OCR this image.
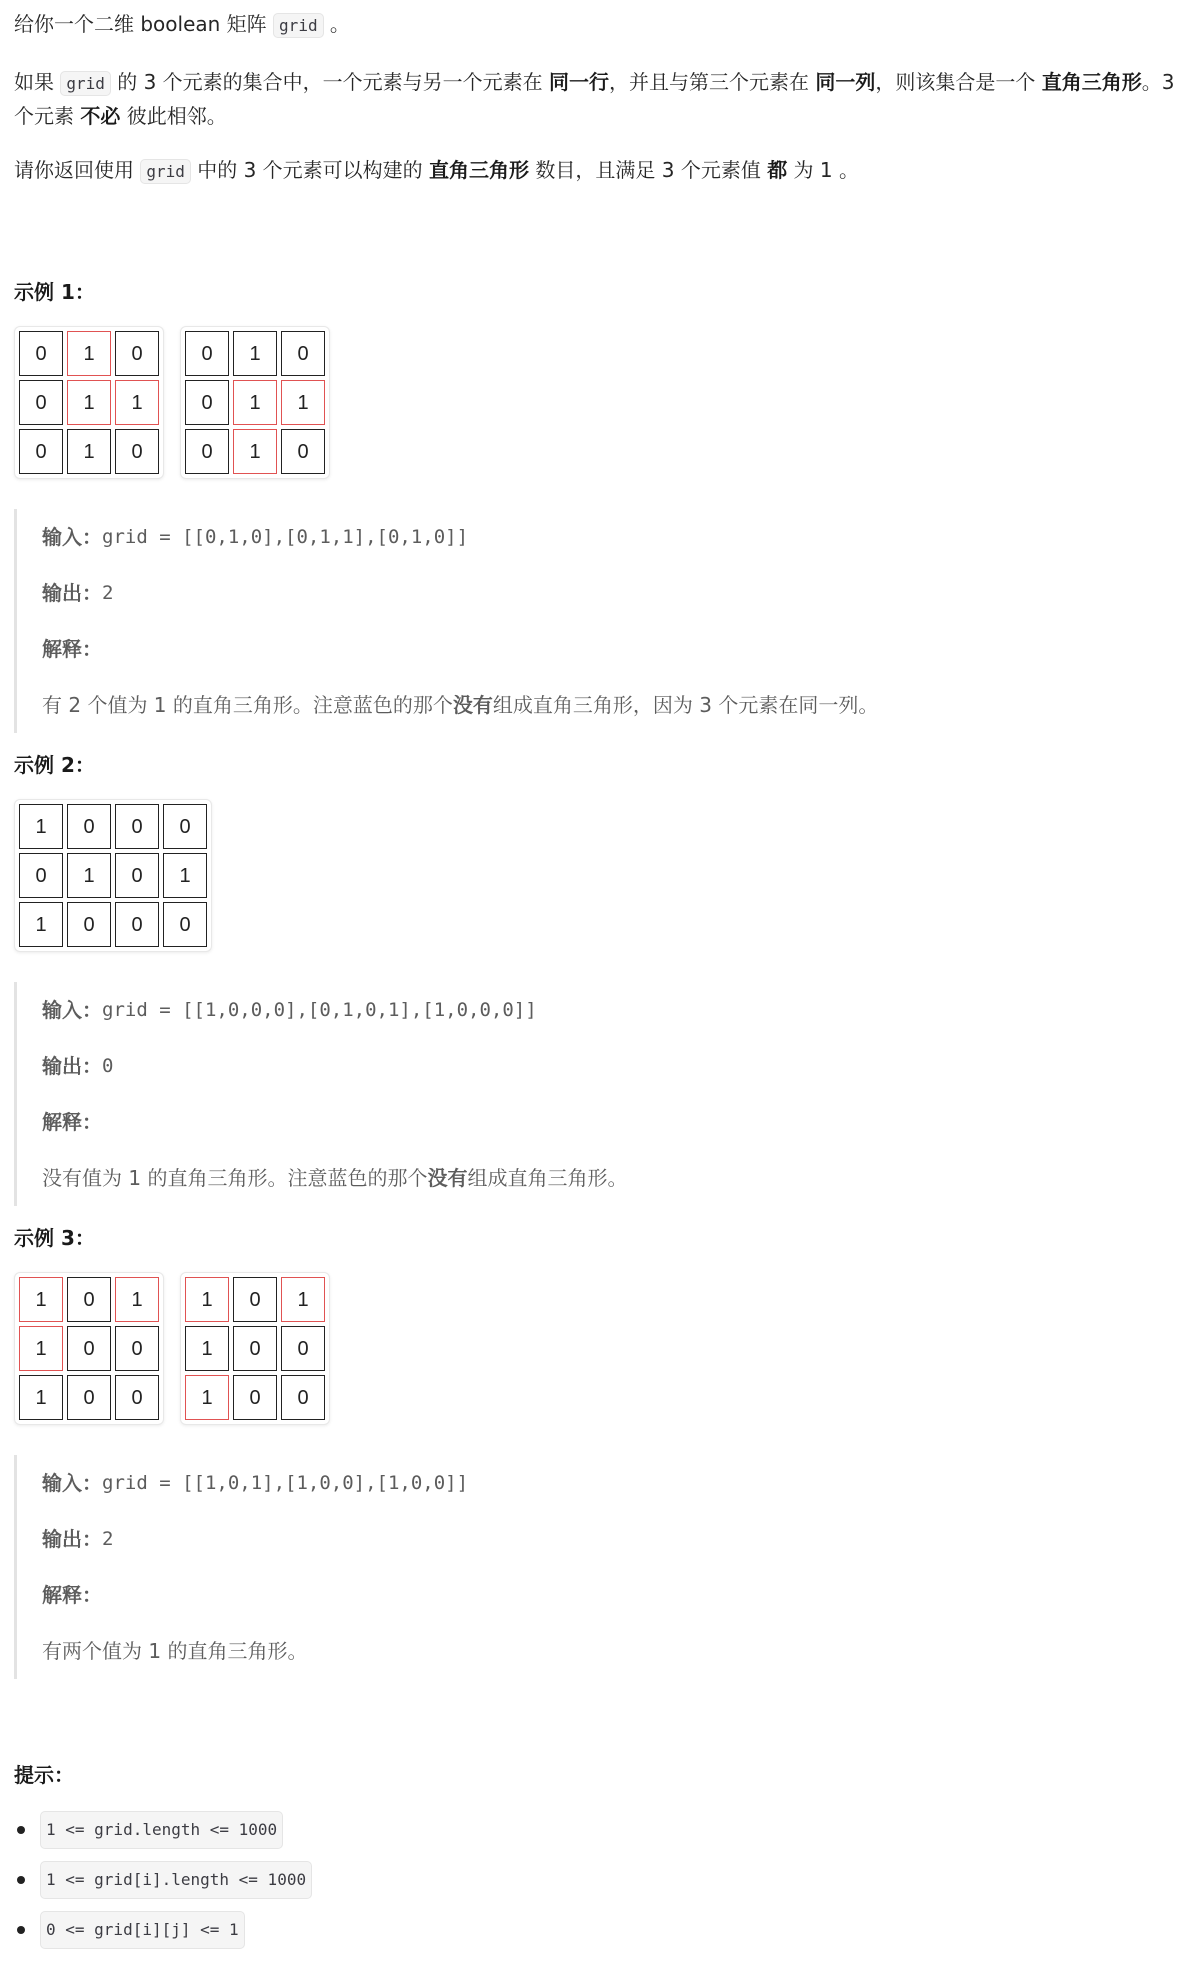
给你一个二维 boolean 矩阵 grid 。

如果 grid 的 3 个元素的集合中，一个元素与另一个元素在 同一行，并且与第三个元素在 同一列，则该集合是一个 直角三角形。3 个元素 不必 彼此相邻。

请你返回使用 grid 中的 3 个元素可以构建的 直角三角形 数目，且满足 3 个元素值 都 为 1 。

示例 1：
0	1	0
0	1	1
0	1	0
0	1	0
0	1	1
0	1	0
输入： grid = [[0,1,0],[0,1,1],[0,1,0]]
输出： 2
解释：
有 2 个值为 1 的直角三角形。注意蓝色的那个 没有 组成直角三角形，因为 3 个元素在同一列。
示例 2：
1	0	0	0
0	1	0	1
1	0	0	0
输入： grid = [[1,0,0,0],[0,1,0,1],[1,0,0,0]]
输出： 0
解释：
没有值为 1 的直角三角形。注意蓝色的那个 没有 组成直角三角形。
示例 3：
1	0	1
1	0	0
1	0	0
1	0	1
1	0	0
1	0	0
输入： grid = [[1,0,1],[1,0,0],[1,0,0]]
输出： 2
解释：
有两个值为 1 的直角三角形。
提示：
1 <= grid.length <= 1000
1 <= grid[i].length <= 1000
0 <= grid[i][j] <= 1
